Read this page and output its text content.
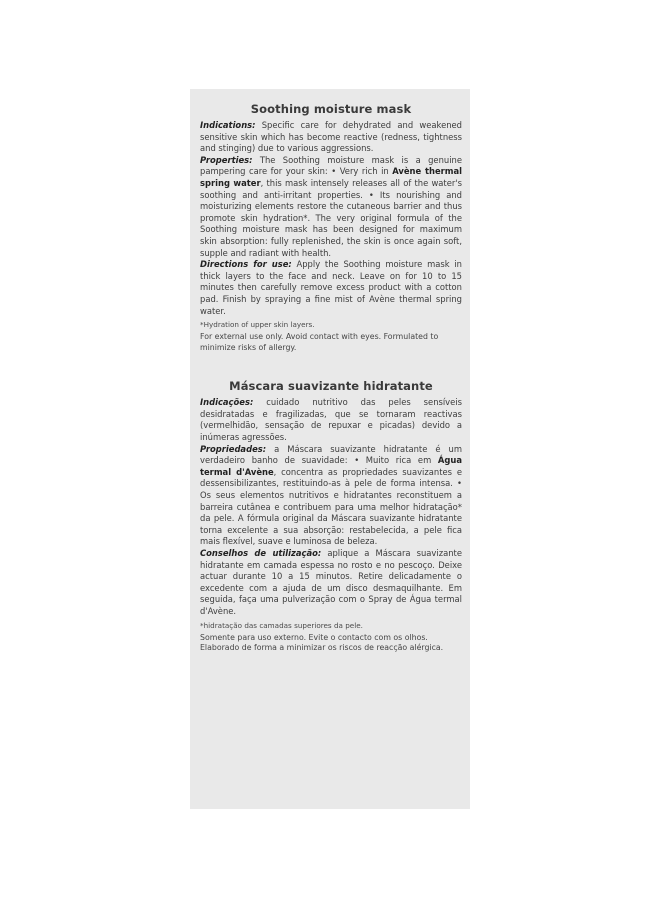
Soothing moisture mask

Indications: Specific care for dehydrated and weakened sensitive skin which has become reactive (redness, tightness and stinging) due to various aggressions.

Properties: The Soothing moisture mask is a genuine pampering care for your skin: • Very rich in Avène thermal spring water, this mask intensely releases all of the water's soothing and anti-irritant properties. • Its nourishing and moisturizing elements restore the cutaneous barrier and thus promote skin hydration*. The very original formula of the Soothing moisture mask has been designed for maximum skin absorption: fully replenished, the skin is once again soft, supple and radiant with health.

Directions for use: Apply the Soothing moisture mask in thick layers to the face and neck. Leave on for 10 to 15 minutes then carefully remove excess product with a cotton pad. Finish by spraying a fine mist of Avène thermal spring water.

*Hydration of upper skin layers.

For external use only. Avoid contact with eyes. Formulated to minimize risks of allergy.

Máscara suavizante hidratante

Indicações: cuidado nutritivo das peles sensíveis desidratadas e fragilizadas, que se tornaram reactivas (vermelhidão, sensação de repuxar e picadas) devido a inúmeras agressões.

Propriedades: a Máscara suavizante hidratante é um verdadeiro banho de suavidade: • Muito rica em Água termal d'Avène, concentra as propriedades suavizantes e dessensibilizantes, restituindo-as à pele de forma intensa. • Os seus elementos nutritivos e hidratantes reconstituem a barreira cutânea e contribuem para uma melhor hidratação* da pele. A fórmula original da Máscara suavizante hidratante torna excelente a sua absorção: restabelecida, a pele fica mais flexível, suave e luminosa de beleza.

Conselhos de utilização: aplique a Máscara suavizante hidratante em camada espessa no rosto e no pescoço. Deixe actuar durante 10 a 15 minutos. Retire delicadamente o excedente com a ajuda de um disco desmaquilhante. Em seguida, faça uma pulverização com o Spray de Água termal d'Avène.

*hidratação das camadas superiores da pele.

Somente para uso externo. Evite o contacto com os olhos. Elaborado de forma a minimizar os riscos de reacção alérgica.
